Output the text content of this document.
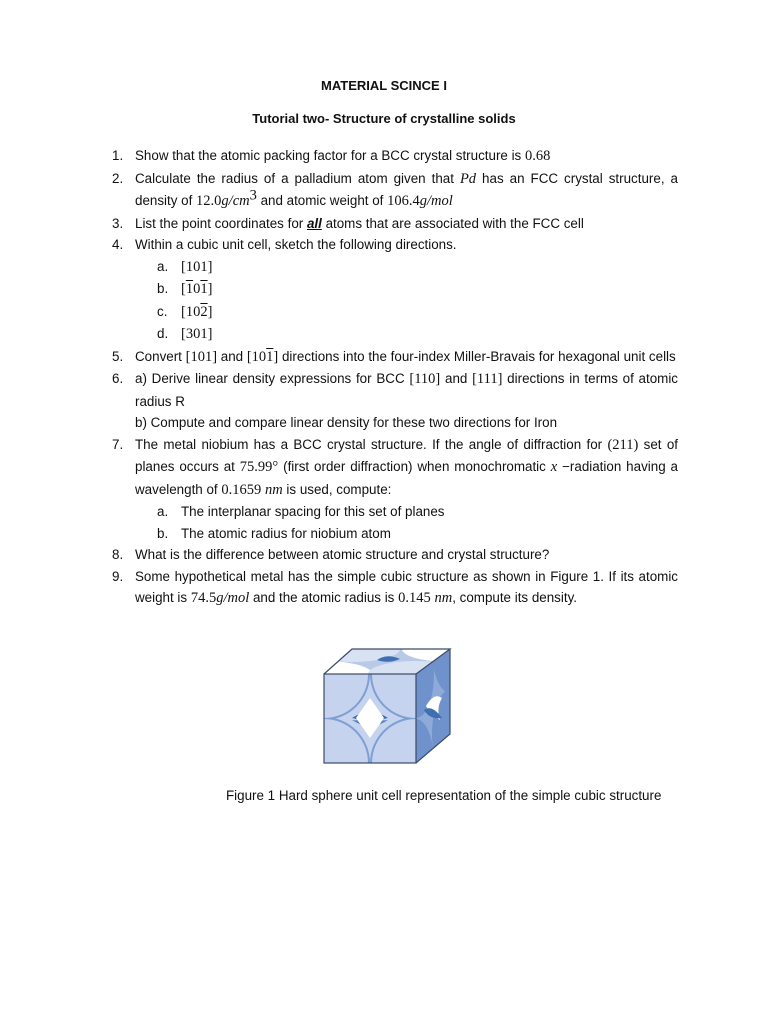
MATERIAL SCINCE I
Tutorial two- Structure of crystalline solids
1. Show that the atomic packing factor for a BCC crystal structure is 0.68
2. Calculate the radius of a palladium atom given that Pd has an FCC crystal structure, a density of $12.0g/cm^3$ and atomic weight of 106.4g/mol
3. List the point coordinates for all atoms that are associated with the FCC cell
4. Within a cubic unit cell, sketch the following directions.
a. [101]
b. [101]
c. [102]
d. [301]
5. Convert [101] and [101] directions into the four-index Miller-Bravais for hexagonal unit cells
6. a) Derive linear density expressions for BCC [110] and [111] directions in terms of atomic radius R
b) Compute and compare linear density for these two directions for Iron
7. The metal niobium has a BCC crystal structure. If the angle of diffraction for (211) set of planes occurs at 75.99° (first order diffraction) when monochromatic x −radiation having a wavelength of 0.1659 nm is used, compute:
a. The interplanar spacing for this set of planes
b. The atomic radius for niobium atom
8. What is the difference between atomic structure and crystal structure?
9. Some hypothetical metal has the simple cubic structure as shown in Figure 1. If its atomic weight is 74.5g/mol and the atomic radius is 0.145 nm, compute its density.
Figure 1 Hard sphere unit cell representation of the simple cubic structure
